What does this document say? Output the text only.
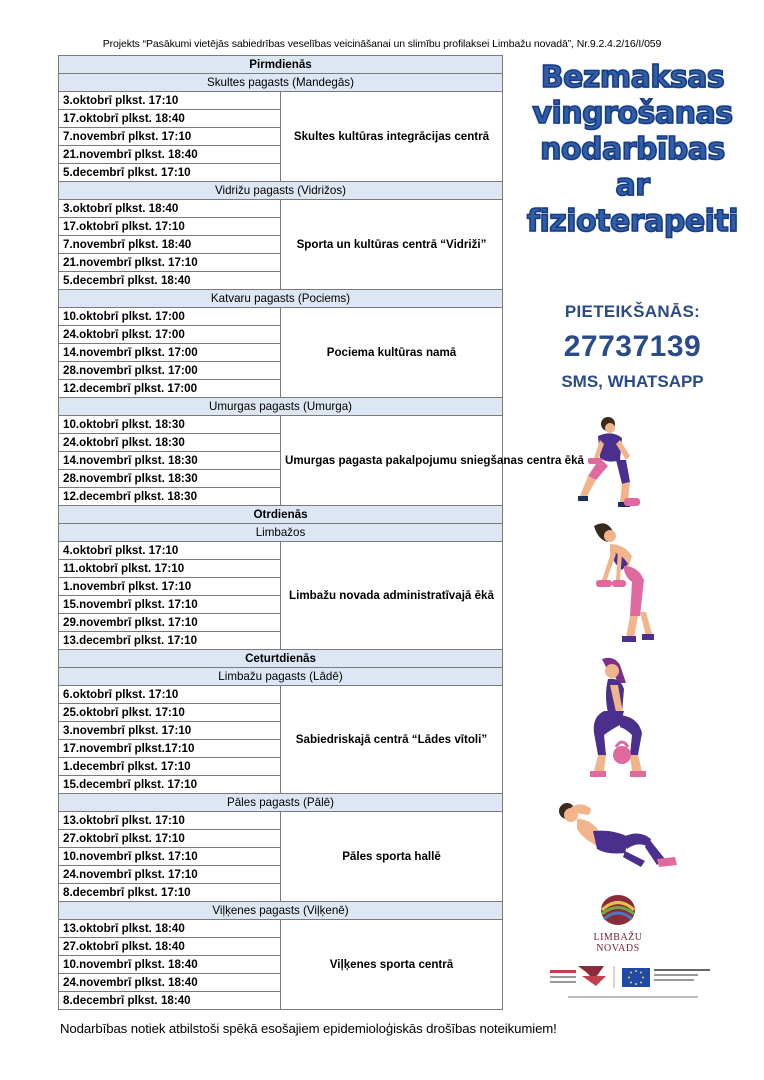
Projekts “Pasākumi vietējās sabiedrības veselības veicināšanai un slimību profilaksei Limbažu novadā”, Nr.9.2.4.2/16/I/059
Pirmdienās	
Skultes pagasts (Mandegās)	
3.oktobrī plkst. 17:10	Skultes kultūras integrācijas centrā
17.oktobrī plkst. 18:40	
7.novembrī plkst. 17:10	
21.novembrī plkst. 18:40	
5.decembrī plkst. 17:10	
Vidrižu pagasts (Vidrižos)	
3.oktobrī plkst. 18:40	Sporta un kultūras centrā “Vidriži”
17.oktobrī plkst. 17:10	
7.novembrī plkst. 18:40	
21.novembrī plkst. 17:10	
5.decembrī plkst. 18:40	
Katvaru pagasts (Pociems)	
10.oktobrī plkst. 17:00	Pociema kultūras namā
24.oktobrī plkst. 17:00	
14.novembrī plkst. 17:00	
28.novembrī plkst. 17:00	
12.decembrī plkst. 17:00	
Umurgas pagasts (Umurga)	
10.oktobrī plkst. 18:30	Umurgas pagasta pakalpojumu sniegšanas centra ēkā
24.oktobrī plkst. 18:30	
14.novembrī plkst. 18:30	
28.novembrī plkst. 18:30	
12.decembrī plkst. 18:30	
Otrdienās	
Limbažos	
4.oktobrī plkst. 17:10	Limbažu novada administratīvajā ēkā
11.oktobrī plkst. 17:10	
1.novembrī plkst. 17:10	
15.novembrī plkst. 17:10	
29.novembrī plkst. 17:10	
13.decembrī plkst. 17:10	
Ceturtdienās	
Limbažu pagasts (Lādē)	
6.oktobrī plkst. 17:10	Sabiedriskajā centrā “Lādes vītoli”
25.oktobrī plkst. 17:10	
3.novembrī plkst. 17:10	
17.novembrī plkst.17:10	
1.decembrī plkst. 17:10	
15.decembrī plkst. 17:10	
Pāles pagasts (Pālē)	
13.oktobrī plkst. 17:10	Pāles sporta hallē
27.oktobrī plkst. 17:10	
10.novembrī plkst. 17:10	
24.novembrī plkst. 17:10	
8.decembrī plkst. 17:10	
Viļķenes pagasts (Viļķenē)	
13.oktobrī plkst. 18:40	Viļķenes sporta centrā
27.oktobrī plkst. 18:40	
10.novembrī plkst. 18:40	
24.novembrī plkst. 18:40	
8.decembrī plkst. 18:40	
Nodarbības notiek atbilstoši spēkā esošajiem epidemioloģiskās drošības noteikumiem!
Bezmaksas
vingrošanas
nodarbības
ar
fizioterapeiti
PIETEIKŠANĀS:
27737139
SMS, WHATSAPP
LIMBAŽU
NOVADS
